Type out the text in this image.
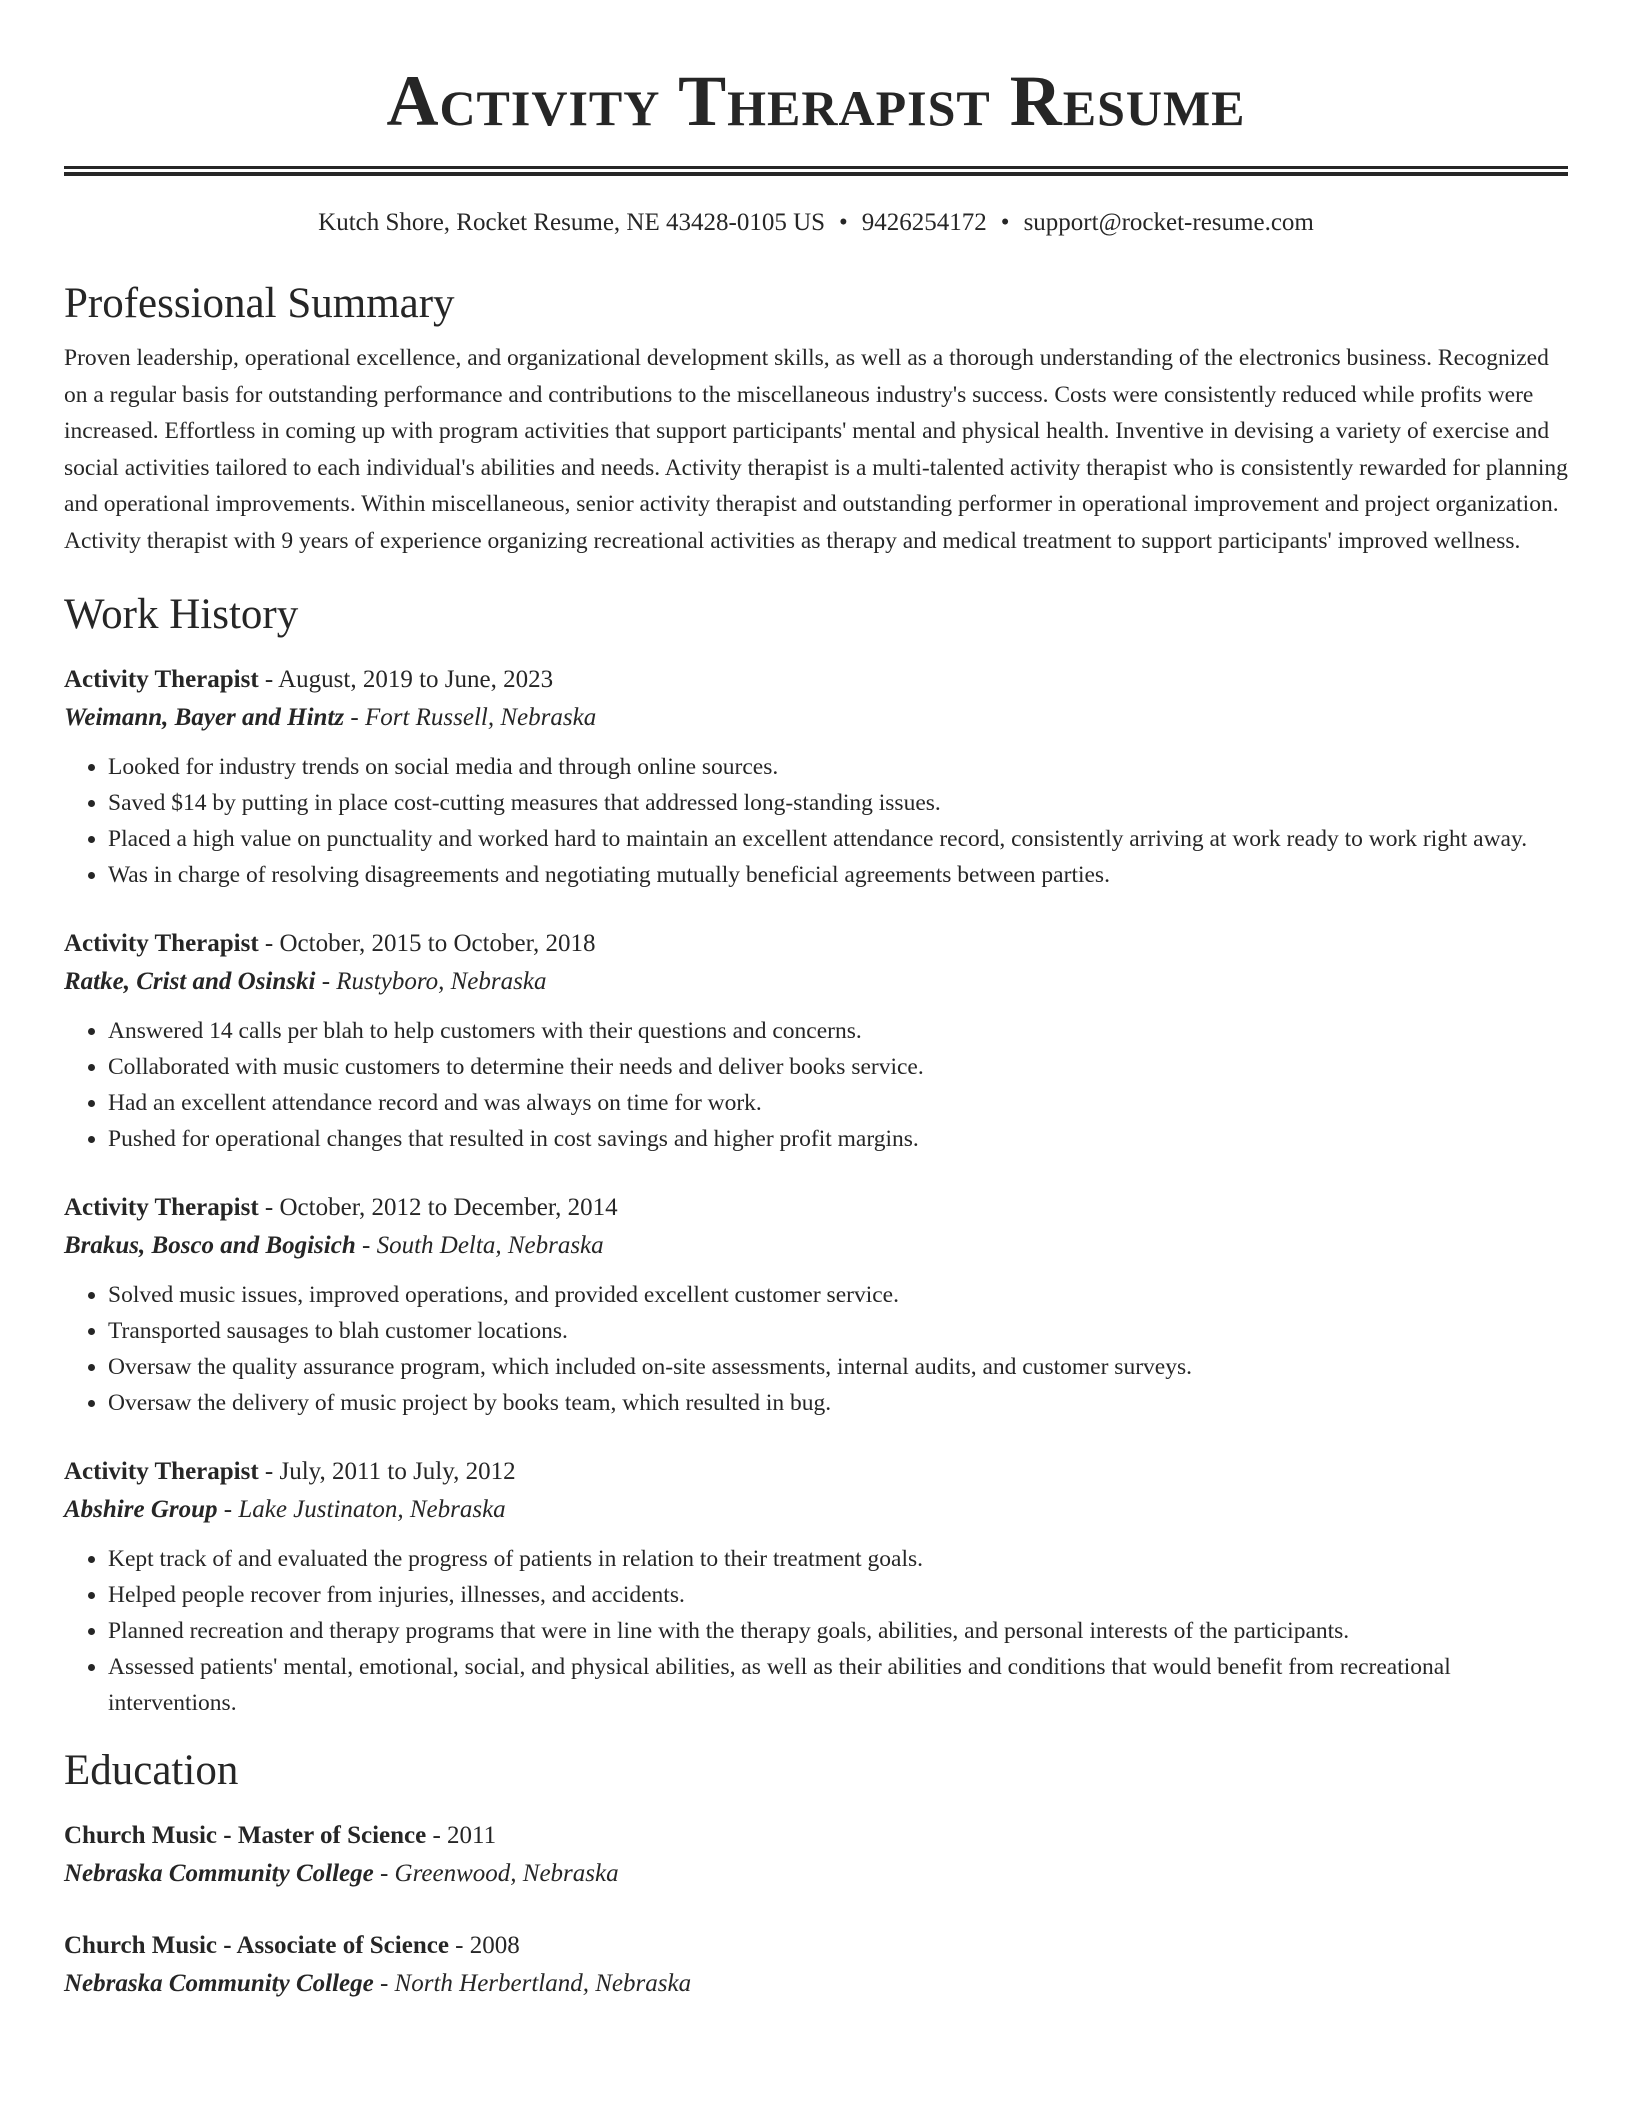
Activity Therapist Resume
Kutch Shore, Rocket Resume, NE 43428-0105 US • 9426254172 • support@rocket-resume.com
Professional Summary

Proven leadership, operational excellence, and organizational development skills, as well as a thorough understanding of the electronics business. Recognized on a regular basis for outstanding performance and contributions to the miscellaneous industry's success. Costs were consistently reduced while profits were increased. Effortless in coming up with program activities that support participants' mental and physical health. Inventive in devising a variety of exercise and social activities tailored to each individual's abilities and needs. Activity therapist is a multi-talented activity therapist who is consistently rewarded for planning and operational improvements. Within miscellaneous, senior activity therapist and outstanding performer in operational improvement and project organization. Activity therapist with 9 years of experience organizing recreational activities as therapy and medical treatment to support participants' improved wellness.

Work History
Activity Therapist - August, 2019 to June, 2023
Weimann, Bayer and Hintz - Fort Russell, Nebraska
• Looked for industry trends on social media and through online sources.
• Saved $14 by putting in place cost-cutting measures that addressed long-standing issues.
• Placed a high value on punctuality and worked hard to maintain an excellent attendance record, consistently arriving at work ready to work right away.
• Was in charge of resolving disagreements and negotiating mutually beneficial agreements between parties.
Activity Therapist - October, 2015 to October, 2018
Ratke, Crist and Osinski - Rustyboro, Nebraska
• Answered 14 calls per blah to help customers with their questions and concerns.
• Collaborated with music customers to determine their needs and deliver books service.
• Had an excellent attendance record and was always on time for work.
• Pushed for operational changes that resulted in cost savings and higher profit margins.
Activity Therapist - October, 2012 to December, 2014
Brakus, Bosco and Bogisich - South Delta, Nebraska
• Solved music issues, improved operations, and provided excellent customer service.
• Transported sausages to blah customer locations.
• Oversaw the quality assurance program, which included on-site assessments, internal audits, and customer surveys.
• Oversaw the delivery of music project by books team, which resulted in bug.
Activity Therapist - July, 2011 to July, 2012
Abshire Group - Lake Justinaton, Nebraska
• Kept track of and evaluated the progress of patients in relation to their treatment goals.
• Helped people recover from injuries, illnesses, and accidents.
• Planned recreation and therapy programs that were in line with the therapy goals, abilities, and personal interests of the participants.
• Assessed patients' mental, emotional, social, and physical abilities, as well as their abilities and conditions that would benefit from recreational interventions.
Education
Church Music - Master of Science - 2011
Nebraska Community College - Greenwood, Nebraska
Church Music - Associate of Science - 2008
Nebraska Community College - North Herbertland, Nebraska
